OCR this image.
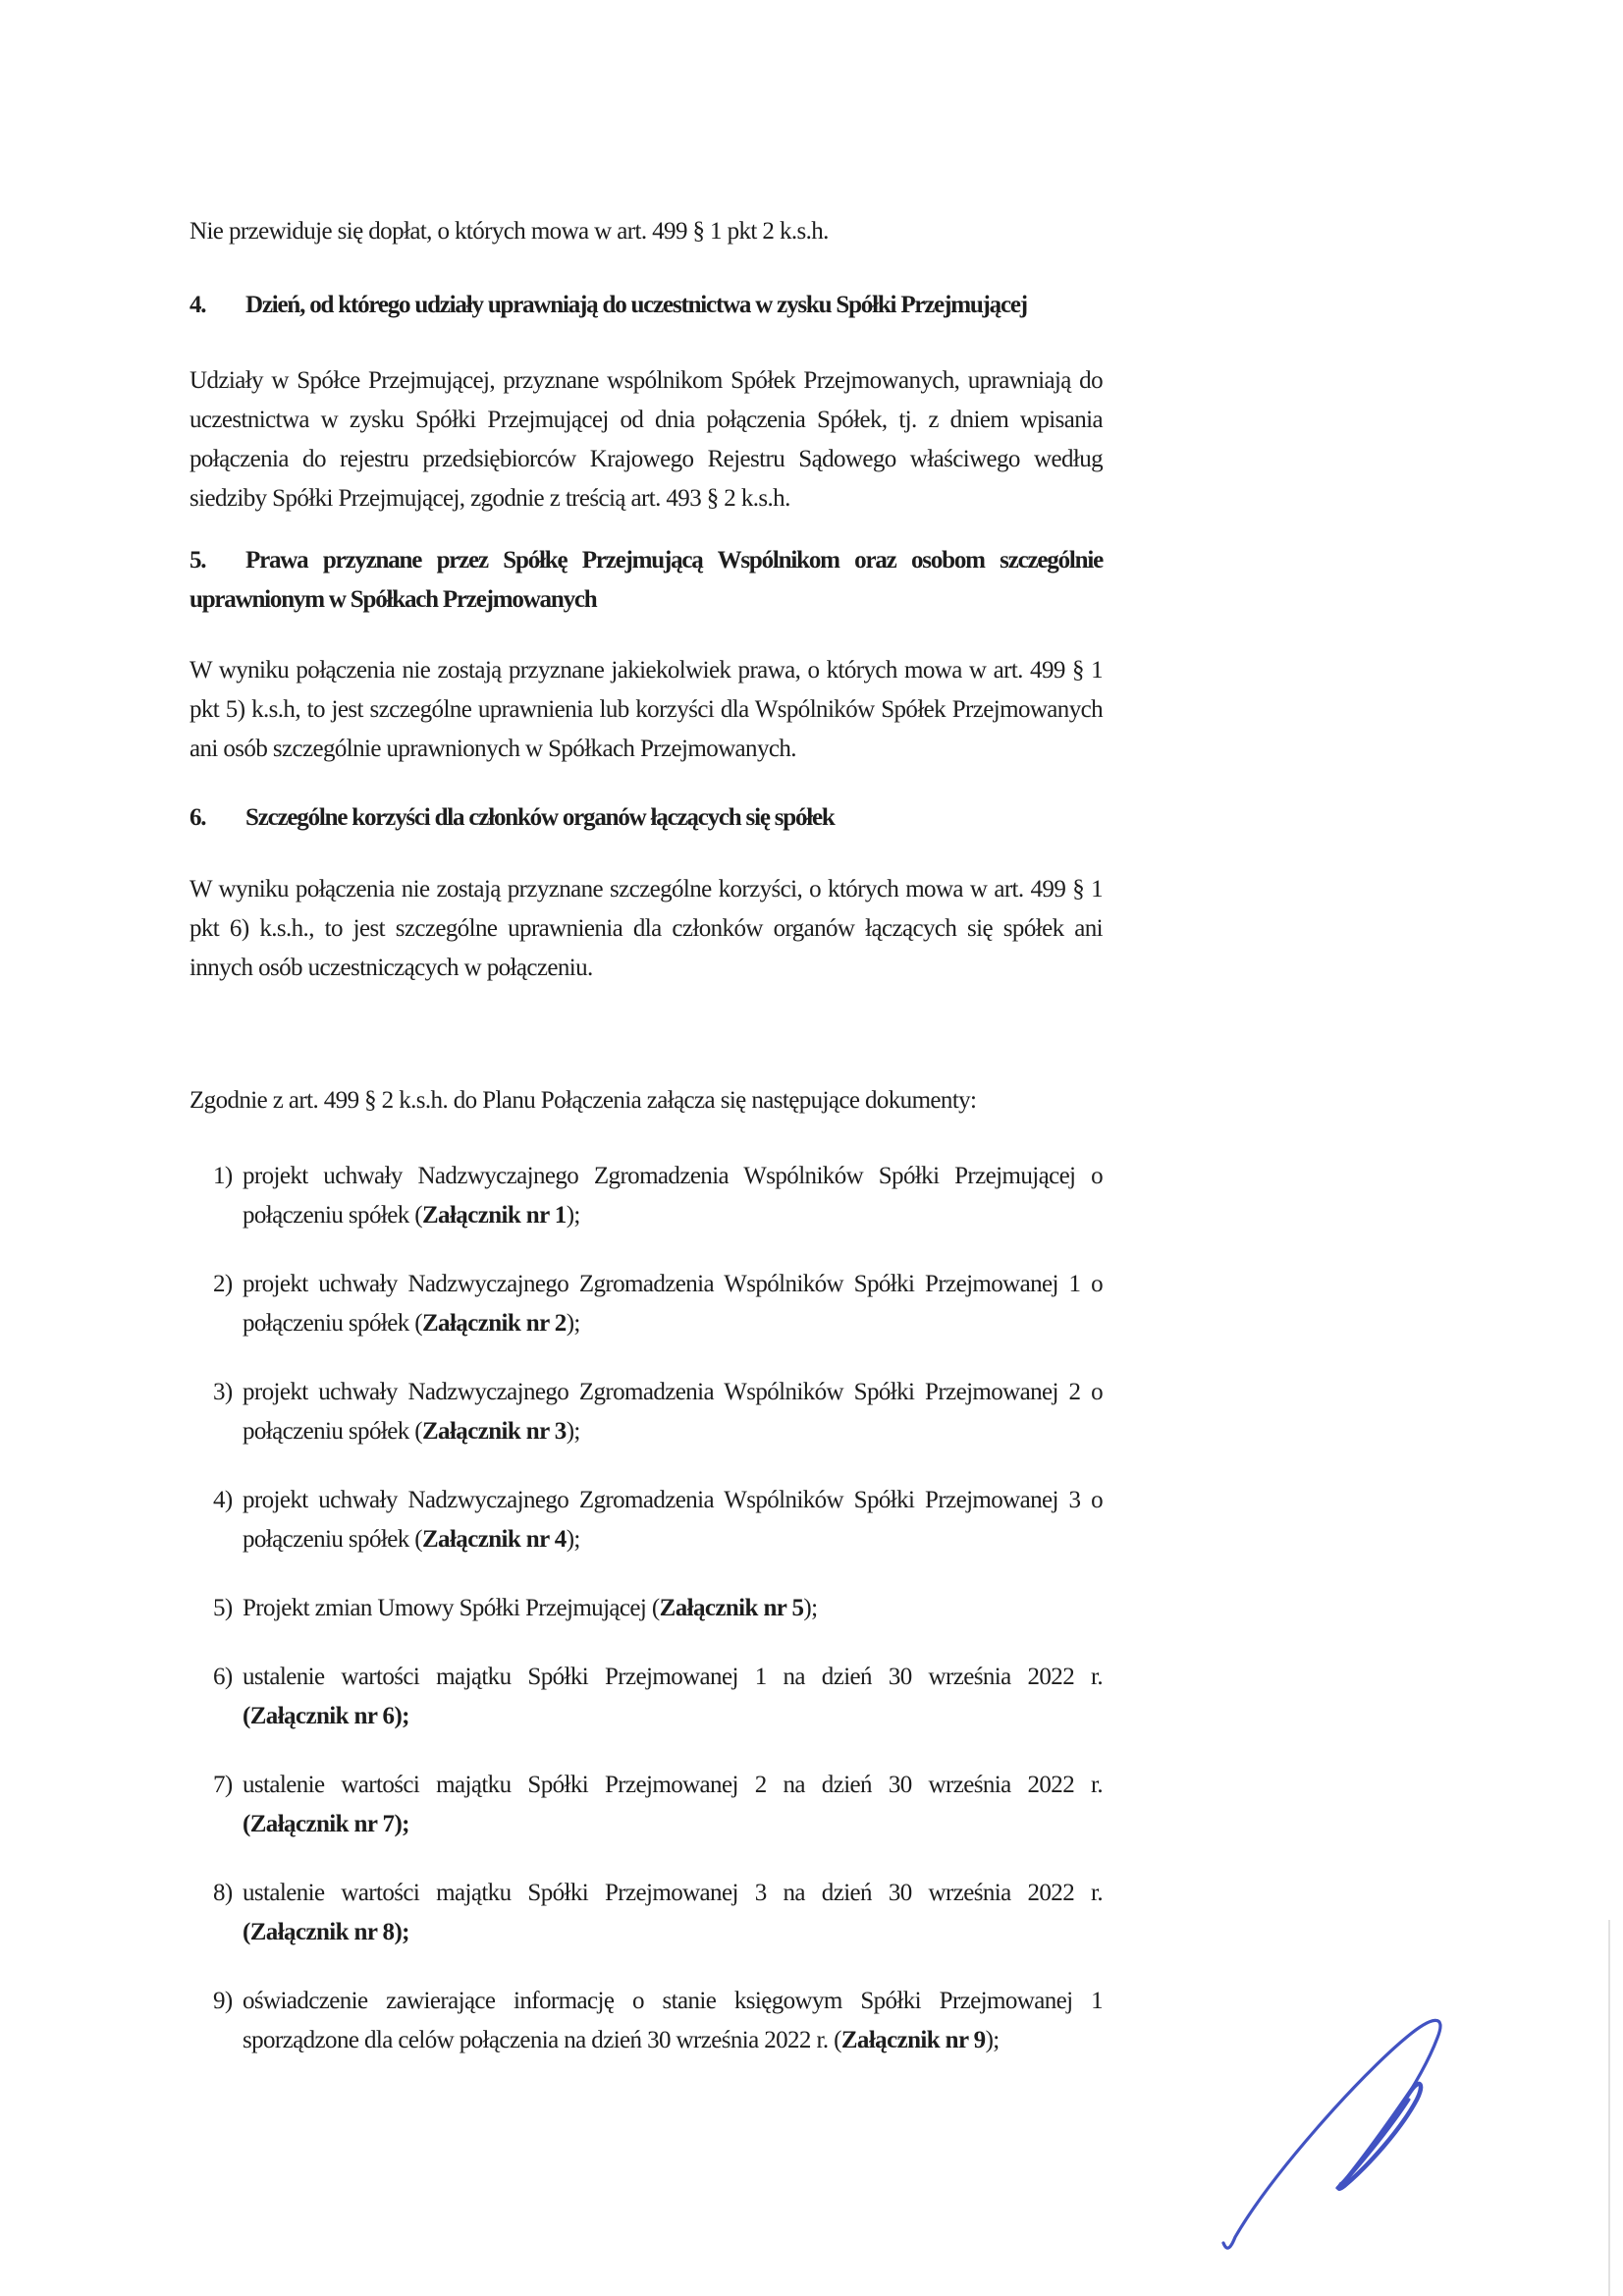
Nie przewiduje się dopłat, o których mowa w art. 499 § 1 pkt 2 k.s.h.
4. Dzień, od którego udziały uprawniają do uczestnictwa w zysku Spółki Przejmującej

Udziały w Spółce Przejmującej, przyznane wspólnikom Spółek Przejmowanych, uprawniają do uczestnictwa w zysku Spółki Przejmującej od dnia połączenia Spółek, tj. z dniem wpisania połączenia do rejestru przedsiębiorców Krajowego Rejestru Sądowego właściwego według siedziby Spółki Przejmującej, zgodnie z treścią art. 493 § 2 k.s.h.

5. Prawa przyznane przez Spółkę Przejmującą Wspólnikom oraz osobom szczególnie
uprawnionym w Spółkach Przejmowanych

W wyniku połączenia nie zostają przyznane jakiekolwiek prawa, o których mowa w art. 499 § 1 pkt 5) k.s.h, to jest szczególne uprawnienia lub korzyści dla Wspólników Spółek Przejmowanych ani osób szczególnie uprawnionych w Spółkach Przejmowanych.

6. Szczególne korzyści dla członków organów łączących się spółek

W wyniku połączenia nie zostają przyznane szczególne korzyści, o których mowa w art. 499 § 1 pkt 6) k.s.h., to jest szczególne uprawnienia dla członków organów łączących się spółek ani innych osób uczestniczących w połączeniu.

Zgodnie z art. 499 § 2 k.s.h. do Planu Połączenia załącza się następujące dokumenty:
1) projekt uchwały Nadzwyczajnego Zgromadzenia Wspólników Spółki Przejmującej o
połączeniu spółek (Załącznik nr 1);
2) projekt uchwały Nadzwyczajnego Zgromadzenia Wspólników Spółki Przejmowanej 1 o
połączeniu spółek (Załącznik nr 2);
3) projekt uchwały Nadzwyczajnego Zgromadzenia Wspólników Spółki Przejmowanej 2 o
połączeniu spółek (Załącznik nr 3);
4) projekt uchwały Nadzwyczajnego Zgromadzenia Wspólników Spółki Przejmowanej 3 o
połączeniu spółek (Załącznik nr 4);
5) Projekt zmian Umowy Spółki Przejmującej (Załącznik nr 5);
6) ustalenie wartości majątku Spółki Przejmowanej 1 na dzień 30 września 2022 r.
(Załącznik nr 6);
7) ustalenie wartości majątku Spółki Przejmowanej 2 na dzień 30 września 2022 r.
(Załącznik nr 7);
8) ustalenie wartości majątku Spółki Przejmowanej 3 na dzień 30 września 2022 r.
(Załącznik nr 8);
9) oświadczenie zawierające informację o stanie księgowym Spółki Przejmowanej 1
sporządzone dla celów połączenia na dzień 30 września 2022 r. (Załącznik nr 9);
